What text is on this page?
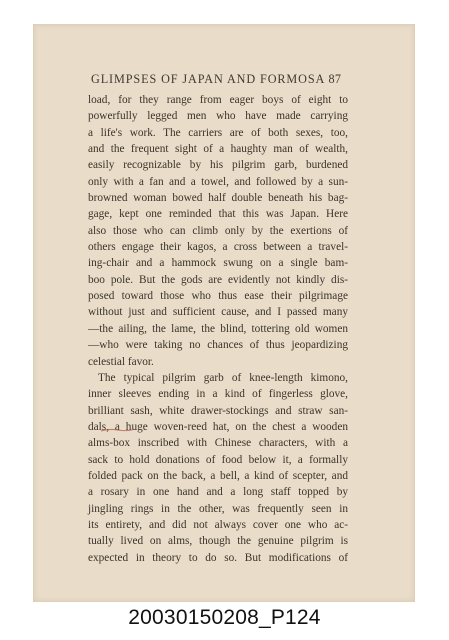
GLIMPSES OF JAPAN AND FORMOSA 87
load, for they range from eager boys of eight to
powerfully legged men who have made carrying
a life's work. The carriers are of both sexes, too,
and the frequent sight of a haughty man of wealth,
easily recognizable by his pilgrim garb, burdened
only with a fan and a towel, and followed by a sun-
browned woman bowed half double beneath his bag-
gage, kept one reminded that this was Japan. Here
also those who can climb only by the exertions of
others engage their kagos, a cross between a travel-
ing-chair and a hammock swung on a single bam-
boo pole. But the gods are evidently not kindly dis-
posed toward those who thus ease their pilgrimage
without just and sufficient cause, and I passed many
—the ailing, the lame, the blind, tottering old women
—who were taking no chances of thus jeopardizing
celestial favor.
The typical pilgrim garb of knee-length kimono,
inner sleeves ending in a kind of fingerless glove,
brilliant sash, white drawer-stockings and straw san-
dals, a huge woven-reed hat, on the chest a wooden
alms-box inscribed with Chinese characters, with a
sack to hold donations of food below it, a formally
folded pack on the back, a bell, a kind of scepter, and
a rosary in one hand and a long staff topped by
jingling rings in the other, was frequently seen in
its entirety, and did not always cover one who ac-
tually lived on alms, though the genuine pilgrim is
expected in theory to do so. But modifications of
20030150208_P124
